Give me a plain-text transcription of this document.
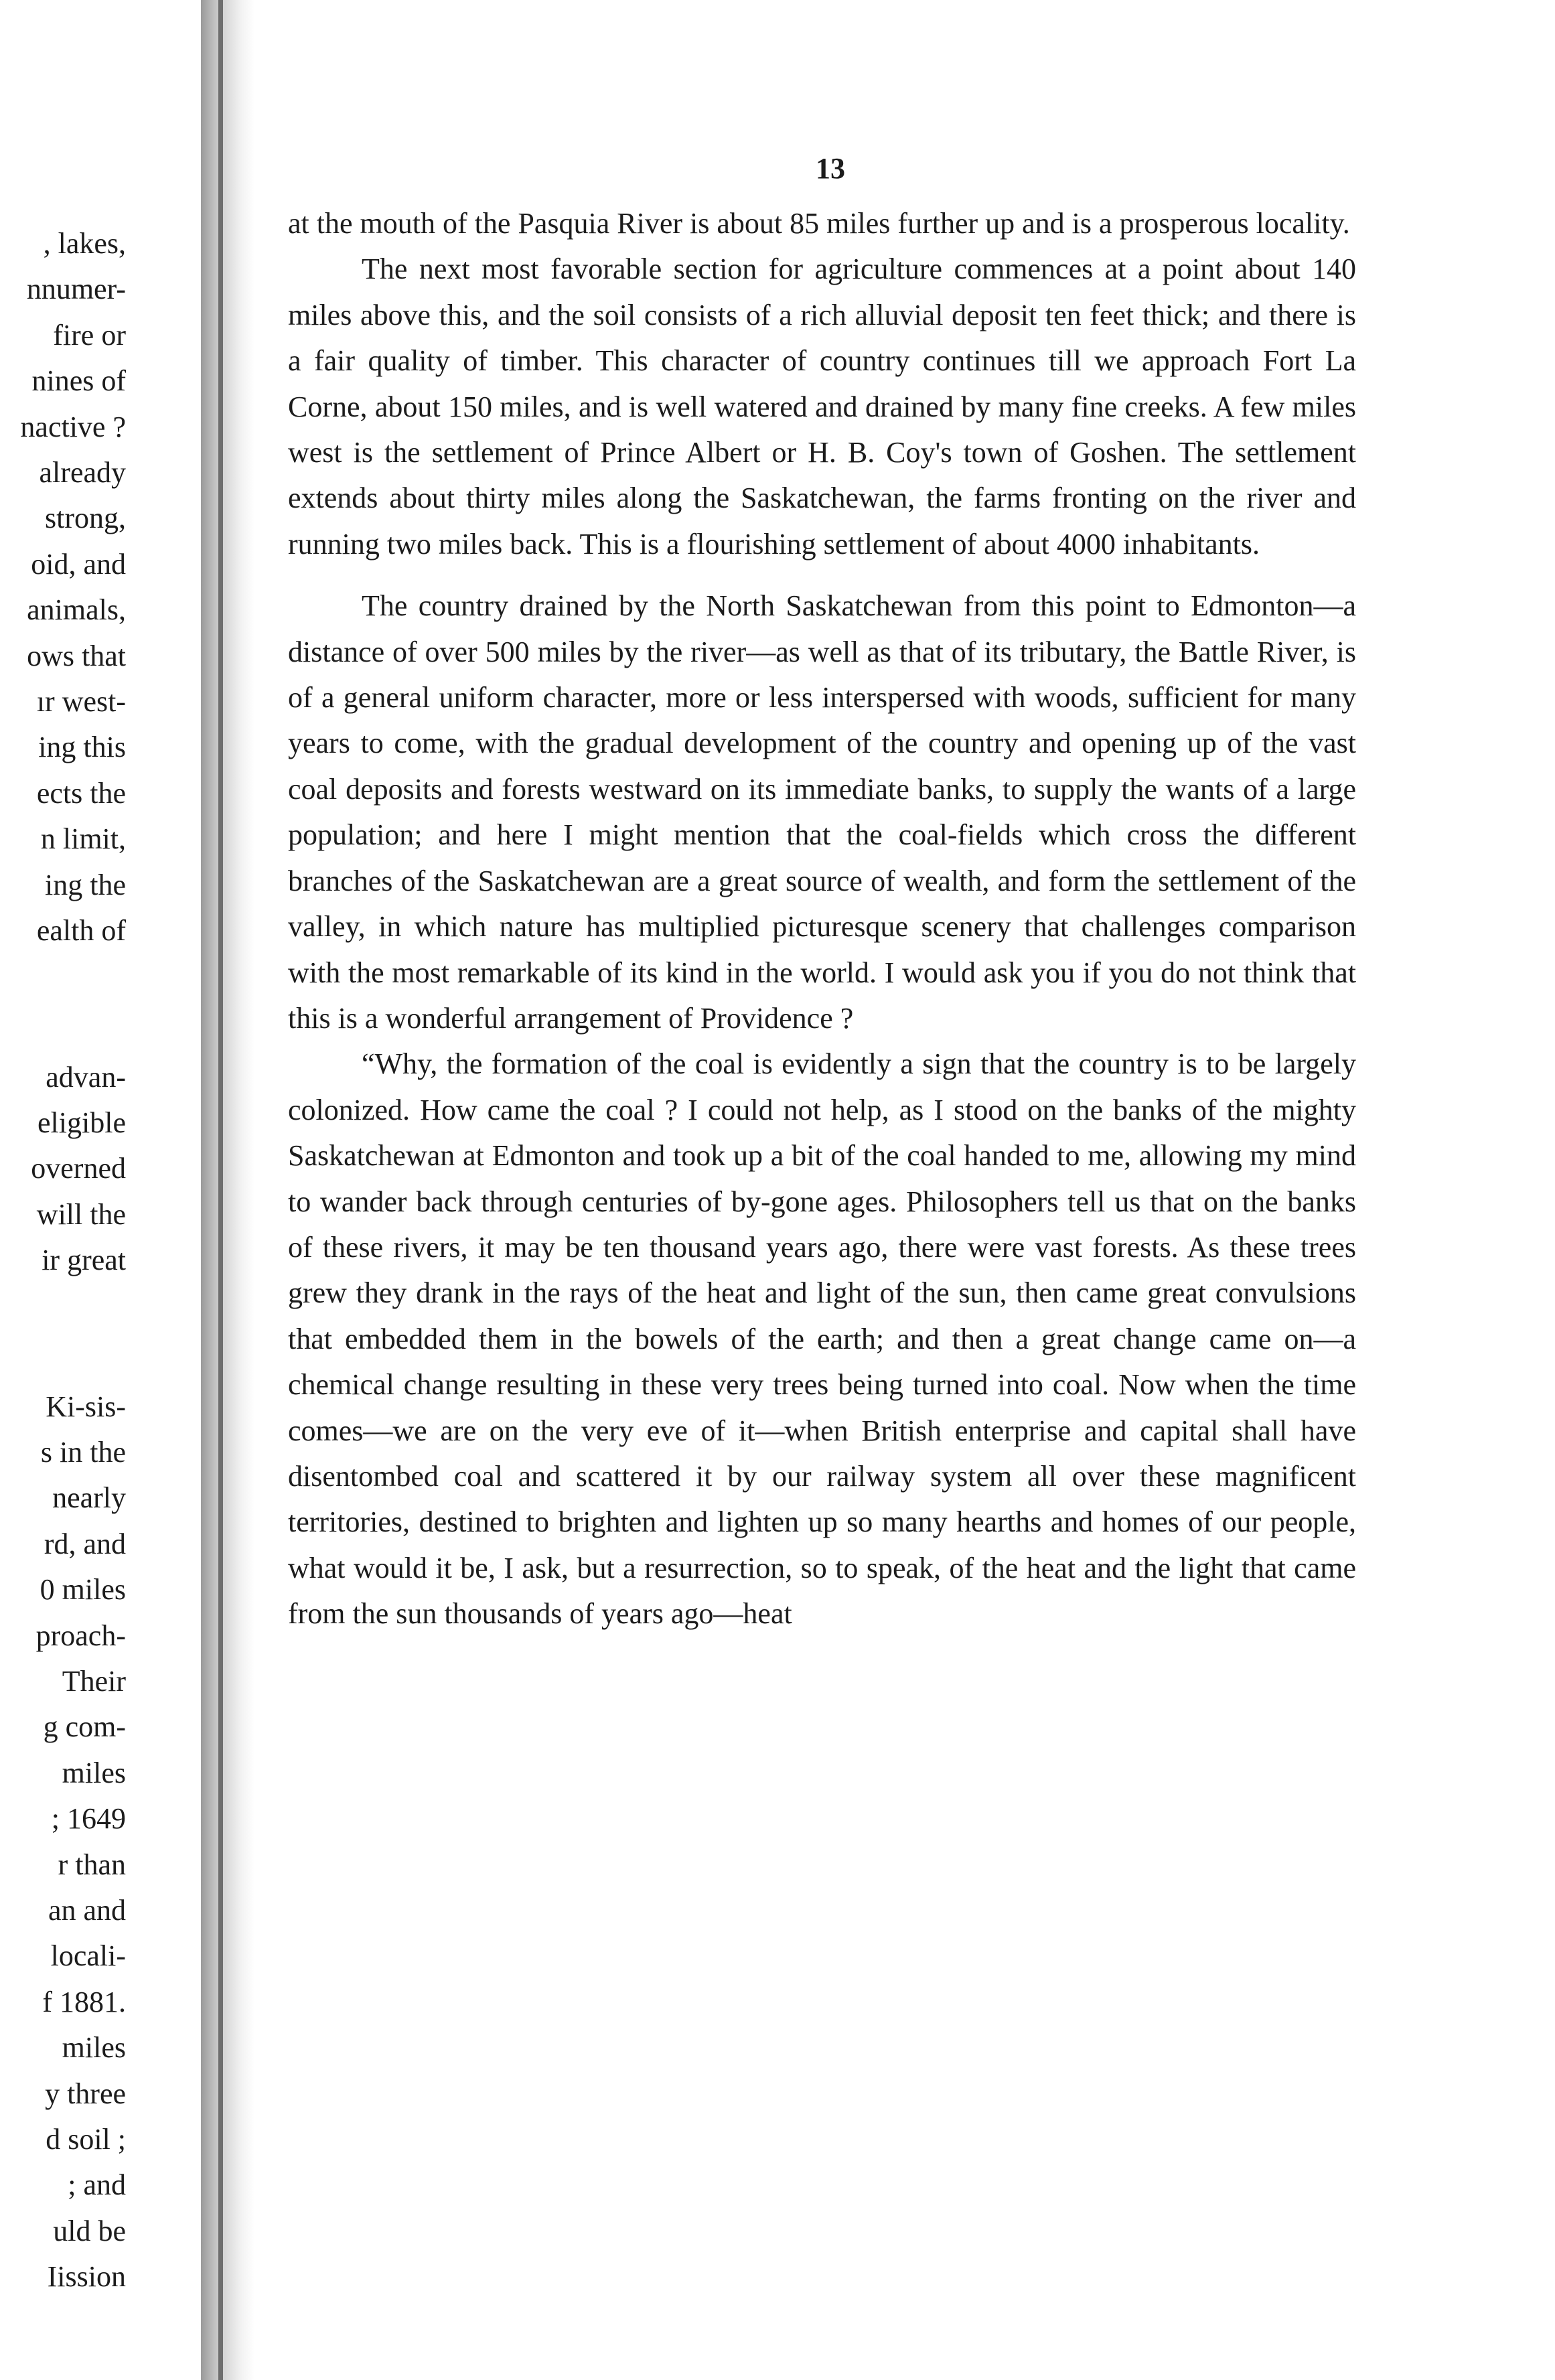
, lakes,
nnumer-
fire or
nines of
nactive ?
already
strong,
oid, and
animals,
ows that
ır west-
ing this
ects the
n limit,
ing the
ealth of
advan-
eligible
overned
will the
ir great
Ki-sis-
s in the
nearly
rd, and
0 miles
proach-
Their
g com-
miles
; 1649
r than
an and
locali-
f 1881.
miles
y three
d soil ;
; and
uld be
Iission
13

at the mouth of the Pasquia River is about 85 miles further up and is a prosperous locality.

The next most favorable section for agriculture commences at a point about 140 miles above this, and the soil consists of a rich alluvial deposit ten feet thick; and there is a fair quality of timber. This character of country continues till we approach Fort La Corne, about 150 miles, and is well watered and drained by many fine creeks. A few miles west is the settlement of Prince Albert or H. B. Coy's town of Goshen. The settlement extends about thirty miles along the Saskatchewan, the farms fronting on the river and running two miles back. This is a flourishing settlement of about 4000 inhabitants.

The country drained by the North Saskatchewan from this point to Edmonton—a distance of over 500 miles by the river—as well as that of its tributary, the Battle River, is of a general uniform character, more or less interspersed with woods, sufficient for many years to come, with the gradual development of the country and opening up of the vast coal deposits and forests westward on its immediate banks, to supply the wants of a large population; and here I might mention that the coal-fields which cross the different branches of the Saskatchewan are a great source of wealth, and form the settlement of the valley, in which nature has multiplied picturesque scenery that challenges comparison with the most remarkable of its kind in the world. I would ask you if you do not think that this is a wonderful arrangement of Providence ?

“Why, the formation of the coal is evidently a sign that the country is to be largely colonized. How came the coal ? I could not help, as I stood on the banks of the mighty Saskatchewan at Edmonton and took up a bit of the coal handed to me, allowing my mind to wander back through centuries of by-gone ages. Philosophers tell us that on the banks of these rivers, it may be ten thousand years ago, there were vast forests. As these trees grew they drank in the rays of the heat and light of the sun, then came great convulsions that embedded them in the bowels of the earth; and then a great change came on—a chemical change resulting in these very trees being turned into coal. Now when the time comes—we are on the very eve of it—when British enterprise and capital shall have disentombed coal and scattered it by our railway system all over these magnificent territories, destined to brighten and lighten up so many hearths and homes of our people, what would it be, I ask, but a resurrection, so to speak, of the heat and the light that came from the sun thousands of years ago—heat
